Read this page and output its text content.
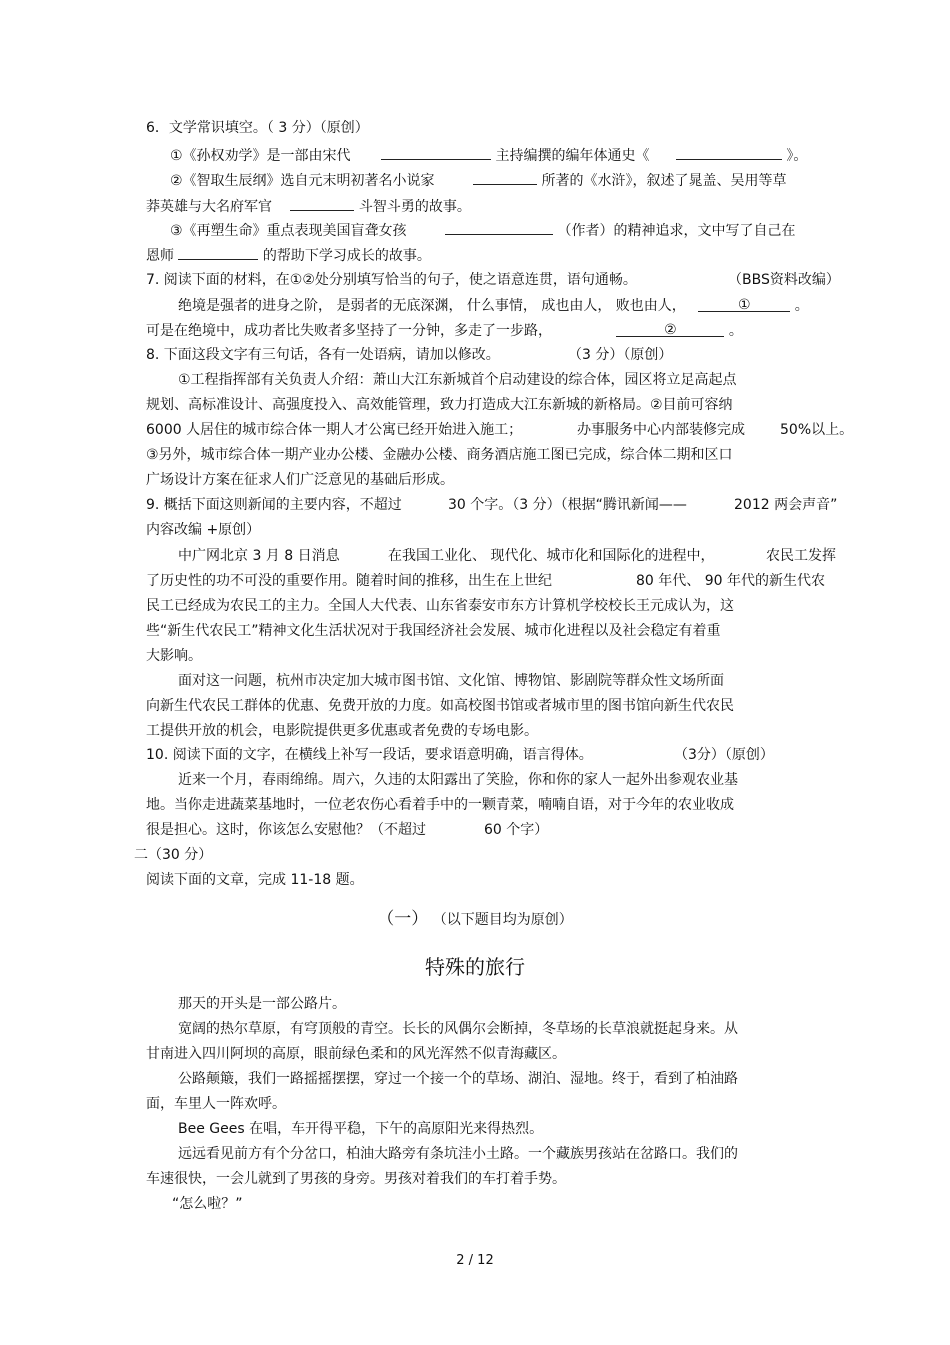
6．文学常识填空。（ 3 分）（原创）
①《孙权劝学》是一部由宋代	主持编撰的编年体通史《	》。
②《智取生辰纲》选自元末明初著名小说家	所著的《水浒》，叙述了晁盖、吴用等草
莽英雄与大名府军官	斗智斗勇的故事。
③《再塑生命》重点表现美国盲聋女孩	（作者）的精神追求，文中写了自己在
恩师	的帮助下学习成长的故事。
7. 阅读下面的材料，在①②处分别填写恰当的句子，使之语意连贯，语句通畅。	（BBS资料改编）
绝境是强者的进身之阶， 是弱者的无底深渊， 什么事情， 成也由人， 败也由人，	①	。
可是在绝境中，成功者比失败者多坚持了一分钟，多走了一步路，	②	。
8. 下面这段文字有三句话，各有一处语病，请加以修改。	（3 分）（原创）
①工程指挥部有关负责人介绍：萧山大江东新城首个启动建设的综合体，园区将立足高起点
规划、高标准设计、高强度投入、高效能管理，致力打造成大江东新城的新格局。②目前可容纳
6000 人居住的城市综合体一期人才公寓已经开始进入施工；	办事服务中心内部装修完成	50%以上。
③另外，城市综合体一期产业办公楼、金融办公楼、商务酒店施工图已完成，综合体二期和区口
广场设计方案在征求人们广泛意见的基础后形成。
9. 概括下面这则新闻的主要内容，不超过	30 个字。（3 分）（根据“腾讯新闻——	2012 两会声音”
内容改编 +原创）
中广网北京 3 月 8 日消息	在我国工业化、 现代化、城市化和国际化的进程中，	农民工发挥
了历史性的功不可没的重要作用。随着时间的推移，出生在上世纪	80 年代、 90 年代的新生代农
民工已经成为农民工的主力。全国人大代表、山东省泰安市东方计算机学校校长王元成认为，这
些“新生代农民工”精神文化生活状况对于我国经济社会发展、城市化进程以及社会稳定有着重
大影响。
面对这一问题，杭州市决定加大城市图书馆、文化馆、博物馆、影剧院等群众性文场所面
向新生代农民工群体的优惠、免费开放的力度。如高校图书馆或者城市里的图书馆向新生代农民
工提供开放的机会，电影院提供更多优惠或者免费的专场电影。
10. 阅读下面的文字，在横线上补写一段话，要求语意明确，语言得体。	（3分）（原创）
近来一个月，春雨绵绵。周六，久违的太阳露出了笑脸，你和你的家人一起外出参观农业基
地。当你走进蔬菜基地时，一位老农伤心看着手中的一颗青菜，喃喃自语，对于今年的农业收成
很是担心。这时，你该怎么安慰他？（不超过	60 个字）
二（30 分）
阅读下面的文章，完成 11-18 题。
（一） （以下题目均为原创）
特殊的旅行
那天的开头是一部公路片。
宽阔的热尔草原，有穹顶般的青空。长长的风偶尔会断掉，冬草场的长草浪就挺起身来。从
甘南进入四川阿坝的高原，眼前绿色柔和的风光浑然不似青海藏区。
公路颠簸，我们一路摇摇摆摆，穿过一个接一个的草场、湖泊、湿地。终于，看到了柏油路
面，车里人一阵欢呼。
Bee Gees 在唱，车开得平稳，下午的高原阳光来得热烈。
远远看见前方有个分岔口，柏油大路旁有条坑洼小土路。一个藏族男孩站在岔路口。我们的
车速很快，一会儿就到了男孩的身旁。男孩对着我们的车打着手势。
“怎么啦？”
2 / 12
